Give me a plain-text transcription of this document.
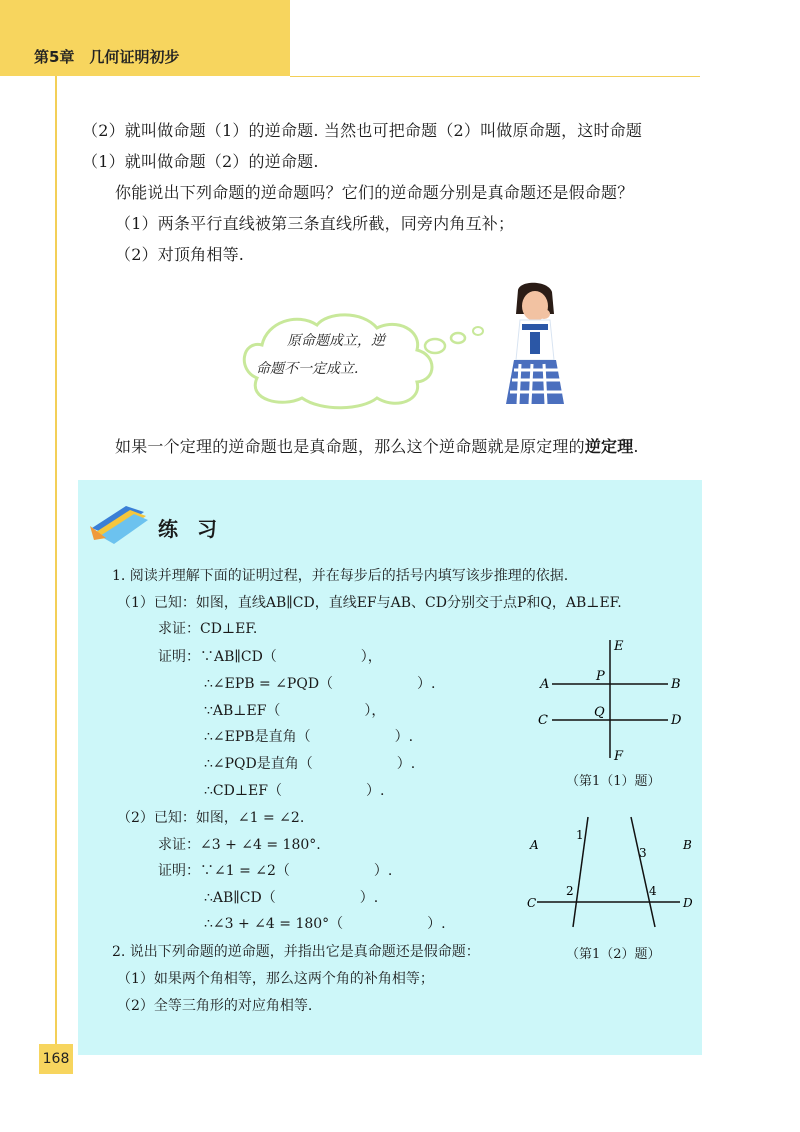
第5章　几何证明初步
（2）就叫做命题（1）的逆命题. 当然也可把命题（2）叫做原命题，这时命题
（1）就叫做命题（2）的逆命题.
你能说出下列命题的逆命题吗？它们的逆命题分别是真命题还是假命题？
（1）两条平行直线被第三条直线所截，同旁内角互补；
（2）对顶角相等.
原命题成立，逆
命题不一定成立.
如果一个定理的逆命题也是真命题，那么这个逆命题就是原定理的逆定理.
练 习
1. 阅读并理解下面的证明过程，并在每步后的括号内填写该步推理的依据.
（1）已知：如图，直线AB∥CD，直线EF与AB、CD分别交于点P和Q，AB⊥EF.
求证：CD⊥EF.
证明：∵AB∥CD（　　　　　　），
∴∠EPB = ∠PQD（　　　　　　）.
∵AB⊥EF（　　　　　　），
∴∠EPB是直角（　　　　　　）.
∴∠PQD是直角（　　　　　　）.
∴CD⊥EF（　　　　　　）.
（2）已知：如图，∠1 = ∠2.
求证：∠3 + ∠4 = 180°.
证明：∵∠1 = ∠2（　　　　　　）.
∴AB∥CD（　　　　　　）.
∴∠3 + ∠4 = 180°（　　　　　　）.
2. 说出下列命题的逆命题，并指出它是真命题还是假命题：
（1）如果两个角相等，那么这两个角的补角相等；
（2）全等三角形的对应角相等.
E
F
A	B
C	D
P
Q
（第1（1）题）
A	B
C	D
1
2
3
4
（第1（2）题）
168
